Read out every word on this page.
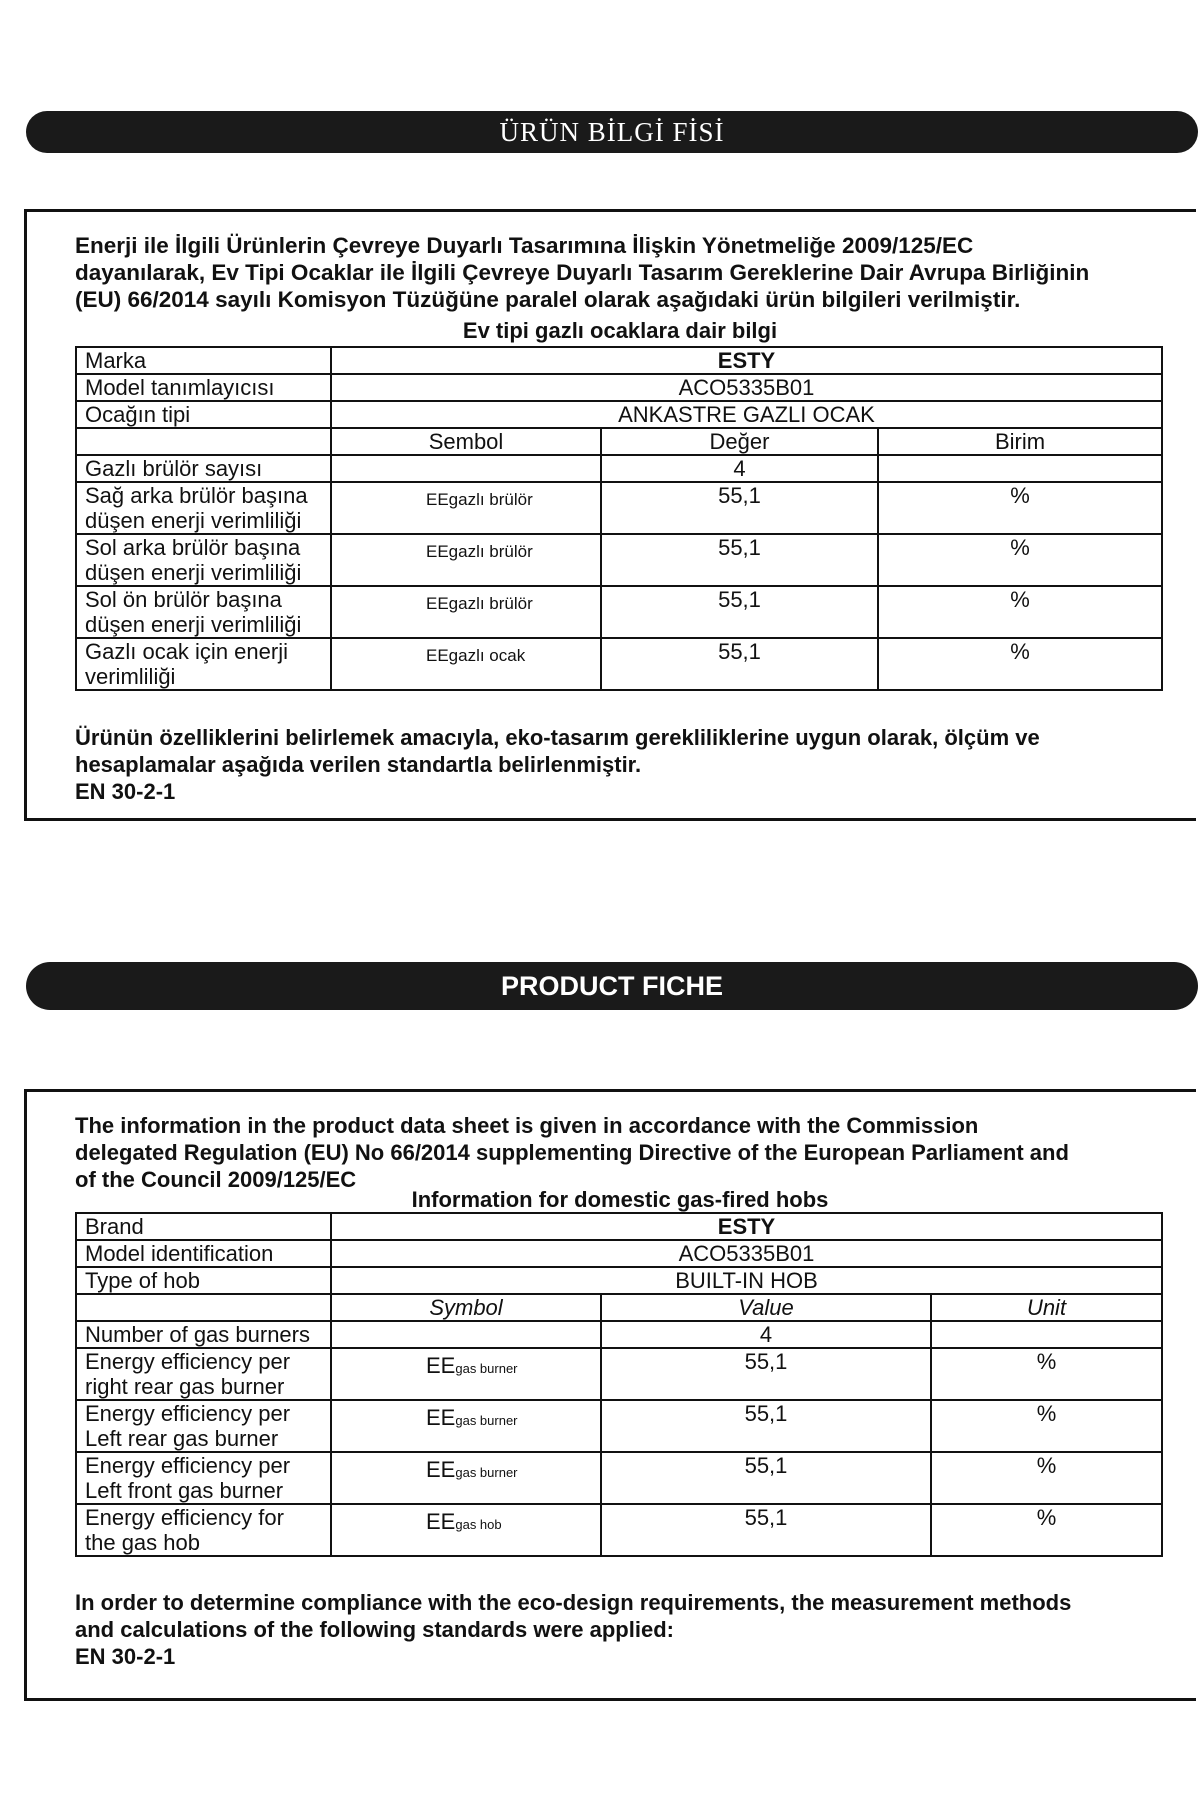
ÜRÜN BİLGİ FİSİ
Enerji ile İlgili Ürünlerin Çevreye Duyarlı Tasarımına İlişkin Yönetmeliğe 2009/125/EC
dayanılarak, Ev Tipi Ocaklar ile İlgili Çevreye Duyarlı Tasarım Gereklerine Dair Avrupa Birliğinin
(EU) 66/2014 sayılı Komisyon Tüzüğüne paralel olarak aşağıdaki ürün bilgileri verilmiştir.
Ev tipi gazlı ocaklara dair bilgi
Marka	ESTY		
Model tanımlayıcısı	ACO5335B01		
Ocağın tipi	ANKASTRE GAZLI OCAK		
	Sembol	Değer	Birim
Gazlı brülör sayısı		4	

Sağ arka brülör başına
düşen enerji verimliliği	EEgazlı brülör	55,1	%

Sol arka brülör başına
düşen enerji verimliliği	EEgazlı brülör	55,1	%

Sol ön brülör başına
düşen enerji verimliliği	EEgazlı brülör	55,1	%

Gazlı ocak için enerji
verimliliği	EEgazlı ocak	55,1	%
Ürünün özelliklerini belirlemek amacıyla, eko-tasarım gerekliliklerine uygun olarak, ölçüm ve
hesaplamalar aşağıda verilen standartla belirlenmiştir.
EN 30-2-1
PRODUCT FICHE
The information in the product data sheet is given in accordance with the Commission
delegated Regulation (EU) No 66/2014 supplementing Directive of the European Parliament and
of the Council 2009/125/EC
Information for domestic gas-fired hobs
Brand	ESTY		
Model identification	ACO5335B01		
Type of hob	BUILT-IN HOB		
	Symbol	Value	Unit
Number of gas burners		4	

Energy efficiency per
right rear gas burner	EEgas burner	55,1	%

Energy efficiency per
Left rear gas burner	EEgas burner	55,1	%

Energy efficiency per
Left front gas burner	EEgas burner	55,1	%

Energy efficiency for
the gas hob	EEgas hob	55,1	%
In order to determine compliance with the eco-design requirements, the measurement methods
and calculations of the following standards were applied:
EN 30-2-1
